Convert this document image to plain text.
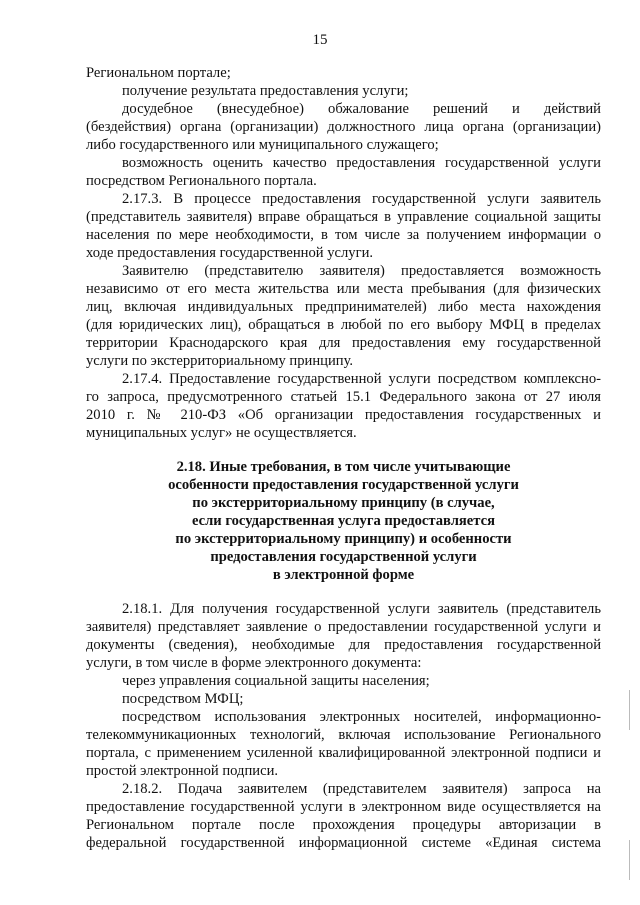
15
Региональном портале;
получение результата предоставления услуги;
досудебное (внесудебное) обжалование решений и действий
(бездействия) органа (организации) должностного лица органа (организации)
либо государственного или муниципального служащего;
возможность оценить качество предоставления государственной услуги
посредством Регионального портала.
2.17.3. В процессе предоставления государственной услуги заявитель
(представитель заявителя) вправе обращаться в управление социальной защиты
населения по мере необходимости, в том числе за получением информации о
ходе предоставления государственной услуги.
Заявителю (представителю заявителя) предоставляется возможность
независимо от его места жительства или места пребывания (для физических
лиц, включая индивидуальных предпринимателей) либо места нахождения
(для юридических лиц), обращаться в любой по его выбору МФЦ в пределах
территории Краснодарского края для предоставления ему государственной
услуги по экстерриториальному принципу.
2.17.4. Предоставление государственной услуги посредством комплексно-
го запроса, предусмотренного статьей 15.1 Федерального закона от 27 июля
2010 г. № 210-ФЗ «Об организации предоставления государственных и
муниципальных услуг» не осуществляется.
2.18. Иные требования, в том числе учитывающие
особенности предоставления государственной услуги
по экстерриториальному принципу (в случае,
если государственная услуга предоставляется
по экстерриториальному принципу) и особенности
предоставления государственной услуги
в электронной форме
2.18.1. Для получения государственной услуги заявитель (представитель
заявителя) представляет заявление о предоставлении государственной услуги и
документы (сведения), необходимые для предоставления государственной
услуги, в том числе в форме электронного документа:
через управления социальной защиты населения;
посредством МФЦ;
посредством использования электронных носителей, информационно-
телекоммуникационных технологий, включая использование Регионального
портала, с применением усиленной квалифицированной электронной подписи и
простой электронной подписи.
2.18.2. Подача заявителем (представителем заявителя) запроса на
предоставление государственной услуги в электронном виде осуществляется на
Региональном портале после прохождения процедуры авторизации в
федеральной государственной информационной системе «Единая система
